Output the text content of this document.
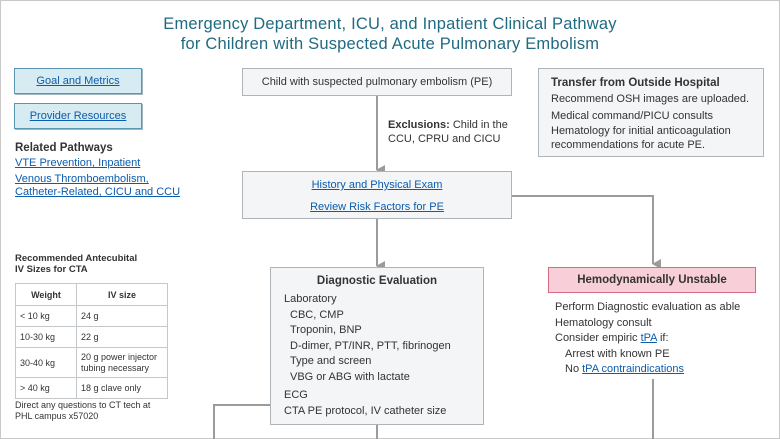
Emergency Department, ICU, and Inpatient Clinical Pathway
for Children with Suspected Acute Pulmonary Embolism
Goal and Metrics
Provider Resources
Related Pathways
VTE Prevention, Inpatient
Venous Thromboembolism,
Catheter-Related, CICU and CCU
Recommended Antecubital
IV Sizes for CTA
Weight	IV size
< 10 kg	24 g
10-30 kg	22 g
30-40 kg	20 g power injector
tubing necessary

> 40 kg	18 g clave only
Direct any questions to CT tech at
PHL campus x57020
Child with suspected pulmonary embolism (PE)
Exclusions: Child in the
CCU, CPRU and CICU
History and Physical Exam
Review Risk Factors for PE
Diagnostic Evaluation
Laboratory
CBC, CMP
Troponin, BNP
D-dimer, PT/INR, PTT, fibrinogen
Type and screen
VBG or ABG with lactate
ECG
CTA PE protocol, IV catheter size
Hemodynamically Unstable
Perform Diagnostic evaluation as able
Hematology consult
Consider empiric tPA if:
Arrest with known PE
No tPA contraindications
Transfer from Outside Hospital
Recommend OSH images are uploaded.
Medical command/PICU consults
Hematology for initial anticoagulation
recommendations for acute PE.
